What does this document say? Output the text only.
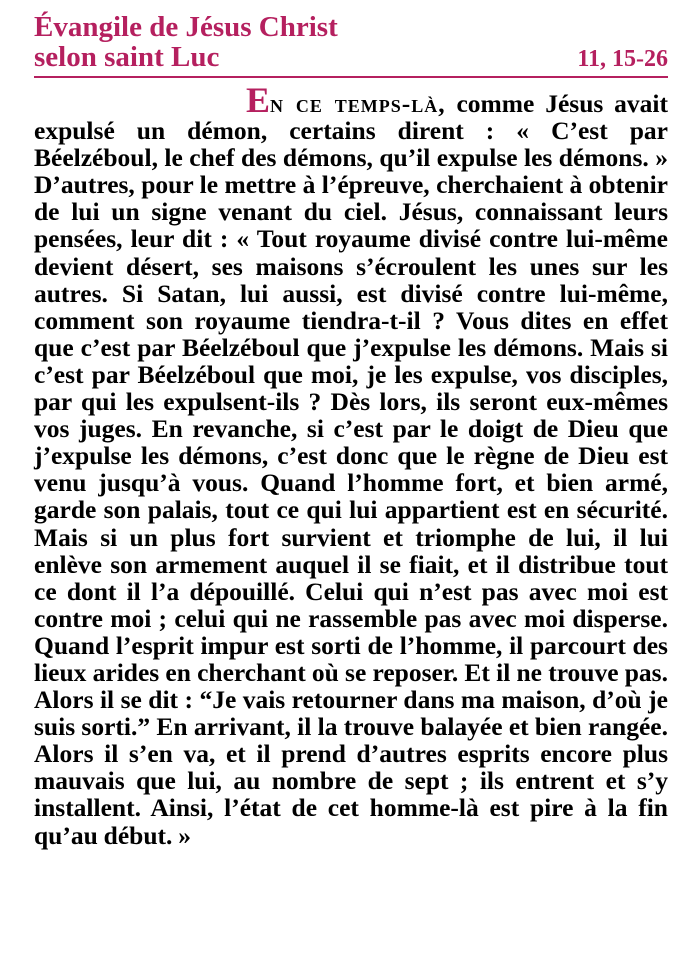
Évangile de Jésus Christ
selon saint Luc	11, 15-26

En ce temps-là, comme Jésus avait expulsé un démon, certains dirent : « C’est par Béelzéboul, le chef des démons, qu’il expulse les démons. » D’autres, pour le mettre à l’épreuve, cherchaient à obtenir de lui un signe venant du ciel. Jésus, connaissant leurs pensées, leur dit : « Tout royaume divisé contre lui-même devient désert, ses maisons s’écroulent les unes sur les autres. Si Satan, lui aussi, est divisé contre lui-même, comment son royaume tiendra-t-il ? Vous dites en effet que c’est par Béelzéboul que j’expulse les démons. Mais si c’est par Béelzéboul que moi, je les expulse, vos disciples, par qui les expulsent-ils ? Dès lors, ils seront eux-mêmes vos juges. En revanche, si c’est par le doigt de Dieu que j’expulse les démons, c’est donc que le règne de Dieu est venu jusqu’à vous. Quand l’homme fort, et bien armé, garde son palais, tout ce qui lui appartient est en sécurité. Mais si un plus fort survient et triomphe de lui, il lui enlève son armement auquel il se fiait, et il distribue tout ce dont il l’a dépouillé. Celui qui n’est pas avec moi est contre moi ; celui qui ne rassemble pas avec moi disperse. Quand l’esprit impur est sorti de l’homme, il parcourt des lieux arides en cherchant où se reposer. Et il ne trouve pas. Alors il se dit : “Je vais retourner dans ma maison, d’où je suis sorti.” En arrivant, il la trouve balayée et bien rangée. Alors il s’en va, et il prend d’autres esprits encore plus mauvais que lui, au nombre de sept ; ils entrent et s’y installent. Ainsi, l’état de cet homme-là est pire à la fin qu’au début. »
